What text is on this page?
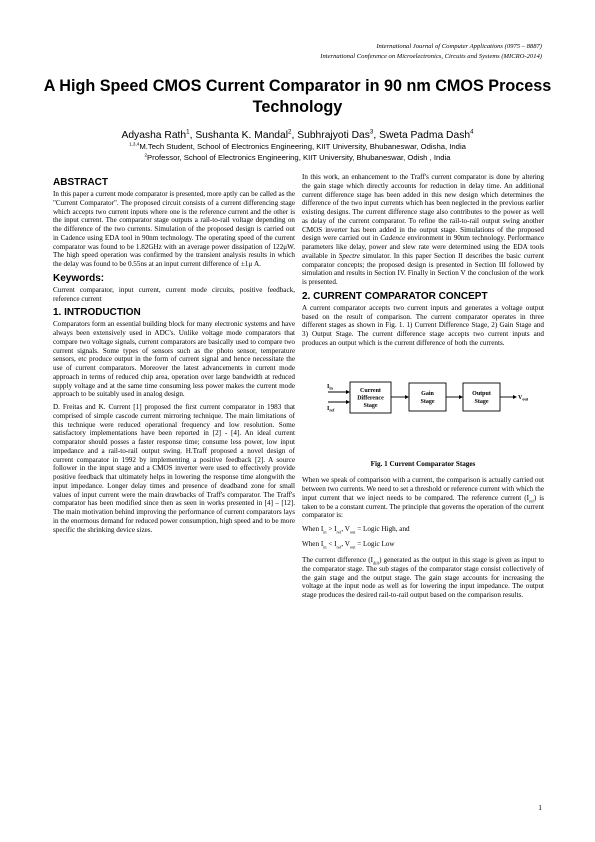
International Journal of Computer Applications (0975 – 8887)
International Conference on Microelectronics, Circuits and Systems (MICRO-2014)
A High Speed CMOS Current Comparator in 90 nm CMOS Process Technology
Adyasha Rath$^1$, Sushanta K. Mandal$^2$, Subhrajyoti Das$^3$, Sweta Padma Dash$^4$
$^{1,3,4}$M.Tech Student, School of Electronics Engineering, KIIT University, Bhubaneswar, Odisha, India
$^2$Professor, School of Electronics Engineering, KIIT University, Bhubaneswar, Odish , India
ABSTRACT

In this paper a current mode comparator is presented, more aptly can be called as the "Current Comparator". The proposed circuit consists of a current differencing stage which accepts two current inputs where one is the reference current and the other is the input current. The comparator stage outputs a rail-to-rail voltage depending on the difference of the two currents. Simulation of the proposed design is carried out in Cadence using EDA tool in 90nm technology. The operating speed of the current comparator was found to be 1.82GHz with an average power dissipation of 122μW. The high speed operation was confirmed by the transient analysis results in which the delay was found to be 0.55ns at an input current difference of ±1μ A.

Keywords:

Current comparator, input current, current mode circuits, positive feedback, reference current

1. INTRODUCTION

Comparators form an essential building block for many electronic systems and have always been extensively used in ADC's. Unlike voltage mode comparators that compare two voltage signals, current comparators are basically used to compare two current signals. Some types of sensors such as the photo sensor, temperature sensors, etc produce output in the form of current signal and hence necessitate the use of current comparators. Moreover the latest advancements in current mode approach in terms of reduced chip area, operation over large bandwidth at reduced supply voltage and at the same time consuming less power makes the current mode approach to be suitably used in analog design.

D. Freitas and K. Current [1] proposed the first current comparator in 1983 that comprised of simple cascode current mirroring technique. The main limitations of this technique were reduced operational frequency and low resolution. Some satisfactory implementations have been reported in [2] - [4]. An ideal current comparator should posses a faster response time; consume less power, low input impedance and a rail-to-rail output swing. H.Traff proposed a novel design of current comparator in 1992 by implementing a positive feedback [2]. A source follower in the input stage and a CMOS inverter were used to effectively provide positive feedback that ultimately helps in lowering the response time alongwith the input impedance. Longer delay times and presence of deadband zone for small values of input current were the main drawbacks of Traff's comparator. The Traff's comparator has been modified since then as seen in works presented in [4] – [12]. The main motivation behind improving the performance of current comparators lays in the enormous demand for reduced power consumption, high speed and to be more specific the shrinking device sizes.

In this work, an enhancement to the Traff's current comparator is done by altering the gain stage which directly accounts for reduction in delay time. An additional current difference stage has been added in this new design which determines the difference of the two input currents which has been neglected in the previous earlier existing designs. The current difference stage also contributes to the power as well as delay of the current comparator. To refine the rail-to-rail output swing another CMOS inverter has been added in the output stage. Simulations of the proposed design were carried out in Cadence environment in 90nm technology. Performance parameters like delay, power and slew rate were determined using the EDA tools available in Spectre simulator. In this paper Section II describes the basic current comparator concepts; the proposed design is presented in Section III followed by simulation and results in Section IV. Finally in Section V the conclusion of the work is presented.

2. CURRENT COMPARATOR CONCEPT

A current comparator accepts two current inputs and generates a voltage output based on the result of comparison. The current comparator operates in three different stages as shown in Fig. 1. 1) Current Difference Stage, 2) Gain Stage and 3) Output Stage. The current difference stage accepts two current inputs and produces an output which is the current difference of both the currents.

$I_{in}$
$I_{ref}$
Current
Difference
Stage
Gain
Stage
Output
Stage
$V_{out}$
Fig. 1 Current Comparator Stages

When we speak of comparison with a current, the comparison is actually carried out between two currents. We need to set a threshold or reference current with which the input current that we inject needs to be compared. The reference current $(I_{ref})$ is taken to be a constant current. The principle that governs the operation of the current comparator is:

When $I_{in} > I_{ref}$, $V_{out}$ = Logic High, and

When $I_{in} < I_{ref}$, $V_{out}$ = Logic Low

The current difference $(I_{diff})$ generated as the output in this stage is given as input to the comparator stage. The sub stages of the comparator stage consist collectively of the gain stage and the output stage. The gain stage accounts for increasing the voltage at the input node as well as for lowering the input impedance. The output stage produces the desired rail-to-rail output based on the comparison results.

1
